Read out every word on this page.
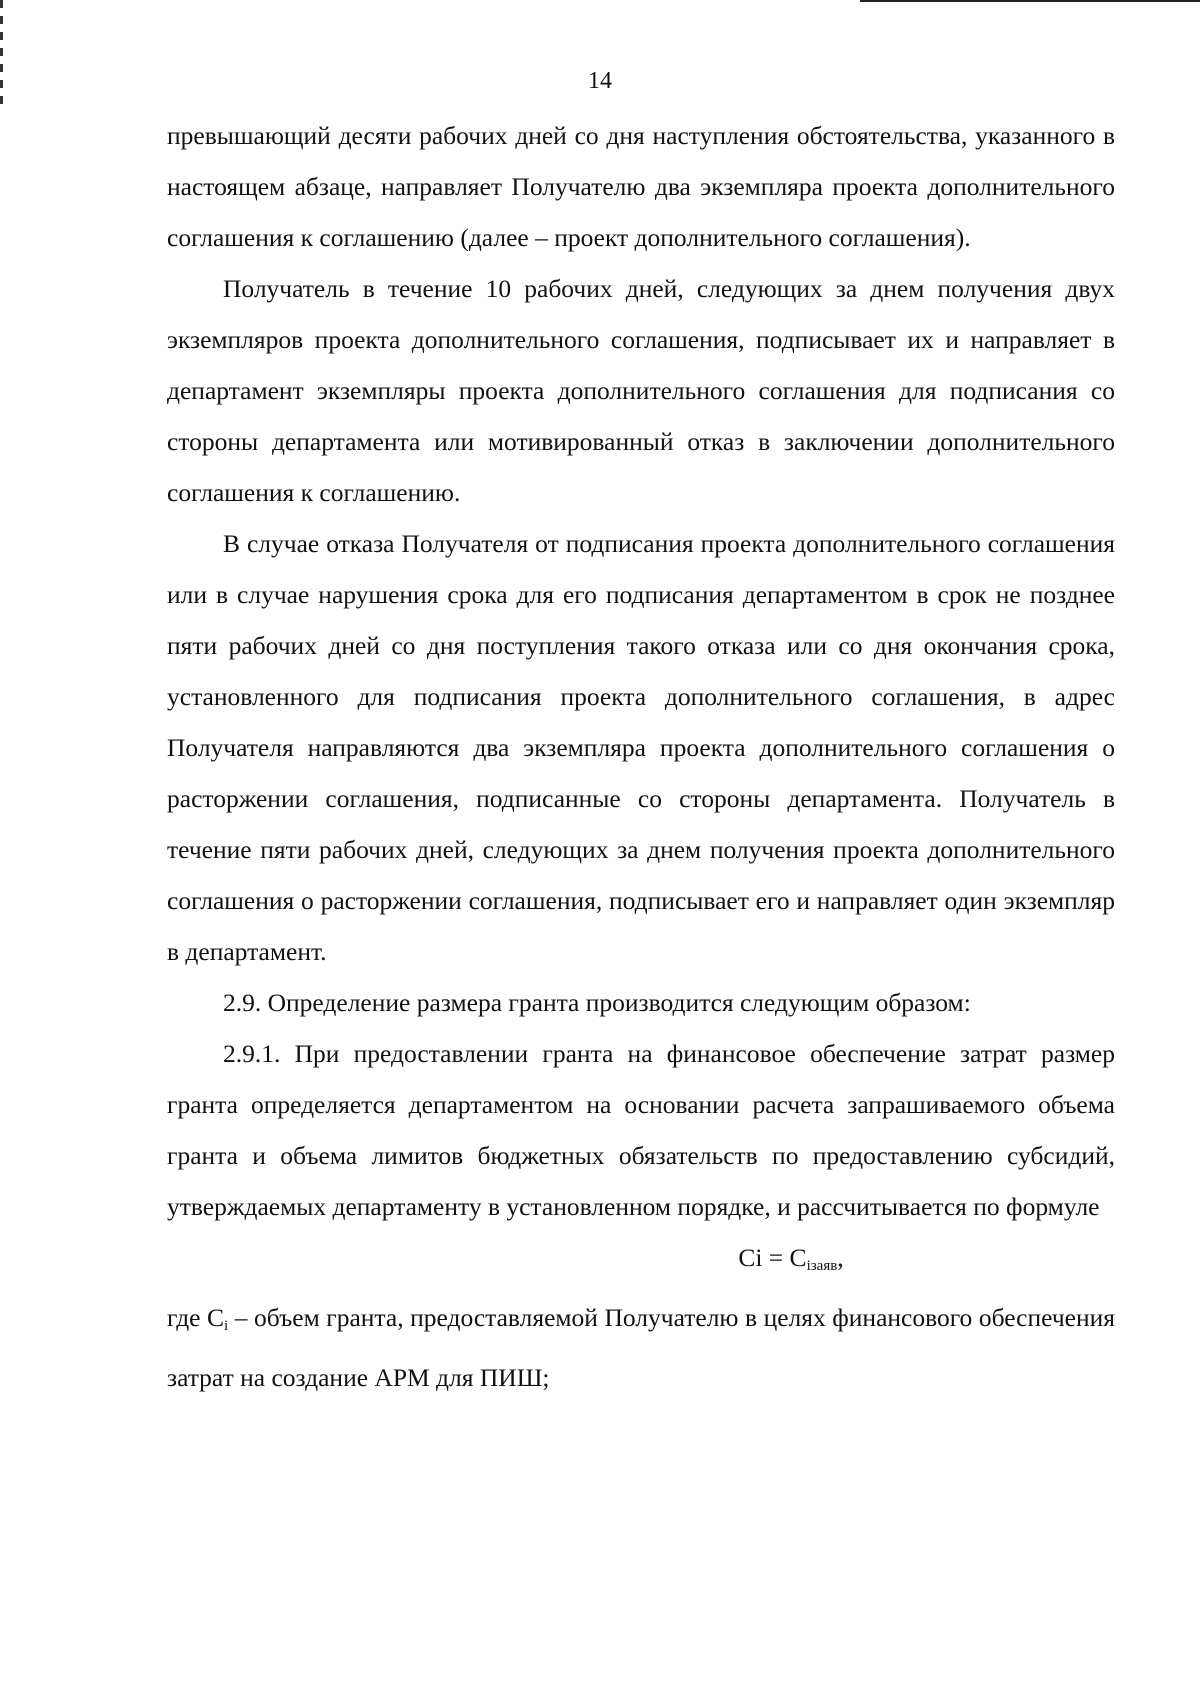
14

превышающий десяти рабочих дней со дня наступления обстоятельства, указанного в настоящем абзаце, направляет Получателю два экземпляра проекта дополнительного соглашения к соглашению (далее – проект дополнительного соглашения).

Получатель в течение 10 рабочих дней, следующих за днем получения двух экземпляров проекта дополнительного соглашения, подписывает их и направляет в департамент экземпляры проекта дополнительного соглашения для подписания со стороны департамента или мотивированный отказ в заключении дополнительного соглашения к соглашению.

В случае отказа Получателя от подписания проекта дополнительного соглашения или в случае нарушения срока для его подписания департаментом в срок не позднее пяти рабочих дней со дня поступления такого отказа или со дня окончания срока, установленного для подписания проекта дополнительного соглашения, в адрес Получателя направляются два экземпляра проекта дополнительного соглашения о расторжении соглашения, подписанные со стороны департамента. Получатель в течение пяти рабочих дней, следующих за днем получения проекта дополнительного соглашения о расторжении соглашения, подписывает его и направляет один экземпляр в департамент.

2.9. Определение размера гранта производится следующим образом:

2.9.1. При предоставлении гранта на финансовое обеспечение затрат размер гранта определяется департаментом на основании расчета запрашиваемого объема гранта и объема лимитов бюджетных обязательств по предоставлению субсидий, утверждаемых департаменту в установленном порядке, и рассчитывается по формуле

$Ci = C_{iзаяв}$,

где $C_i$ – объем гранта, предоставляемой Получателю в целях финансового обеспечения затрат на создание АРМ для ПИШ;
